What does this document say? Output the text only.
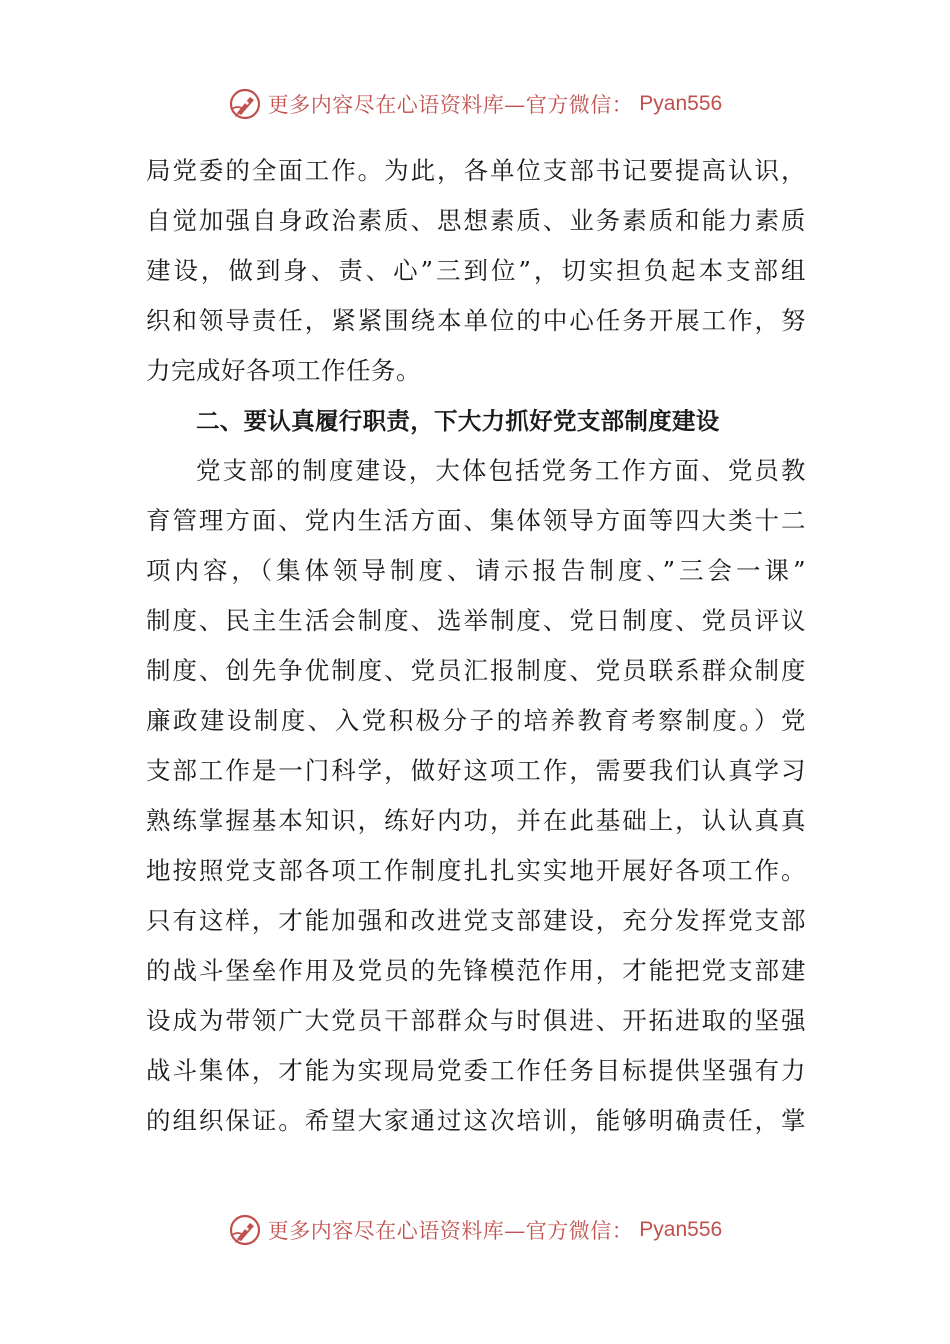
更多内容尽在心语资料库—官方微信： Pyan556
局党委的全面工作。为此，各单位支部书记要提高认识，
自觉加强自身政治素质、思想素质、业务素质和能力素质
建设，做到身、责、心”三到位”，切实担负起本支部组
织和领导责任，紧紧围绕本单位的中心任务开展工作，努
力完成好各项工作任务。
二、要认真履行职责，下大力抓好党支部制度建设
党支部的制度建设，大体包括党务工作方面、党员教
育管理方面、党内生活方面、集体领导方面等四大类十二
项内容，（集体领导制度、请示报告制度、”三会一课”
制度、民主生活会制度、选举制度、党日制度、党员评议
制度、创先争优制度、党员汇报制度、党员联系群众制度
廉政建设制度、入党积极分子的培养教育考察制度。）党
支部工作是一门科学，做好这项工作，需要我们认真学习
熟练掌握基本知识，练好内功，并在此基础上，认认真真
地按照党支部各项工作制度扎扎实实地开展好各项工作。
只有这样，才能加强和改进党支部建设，充分发挥党支部
的战斗堡垒作用及党员的先锋模范作用，才能把党支部建
设成为带领广大党员干部群众与时俱进、开拓进取的坚强
战斗集体，才能为实现局党委工作任务目标提供坚强有力
的组织保证。希望大家通过这次培训，能够明确责任，掌
更多内容尽在心语资料库—官方微信： Pyan556
